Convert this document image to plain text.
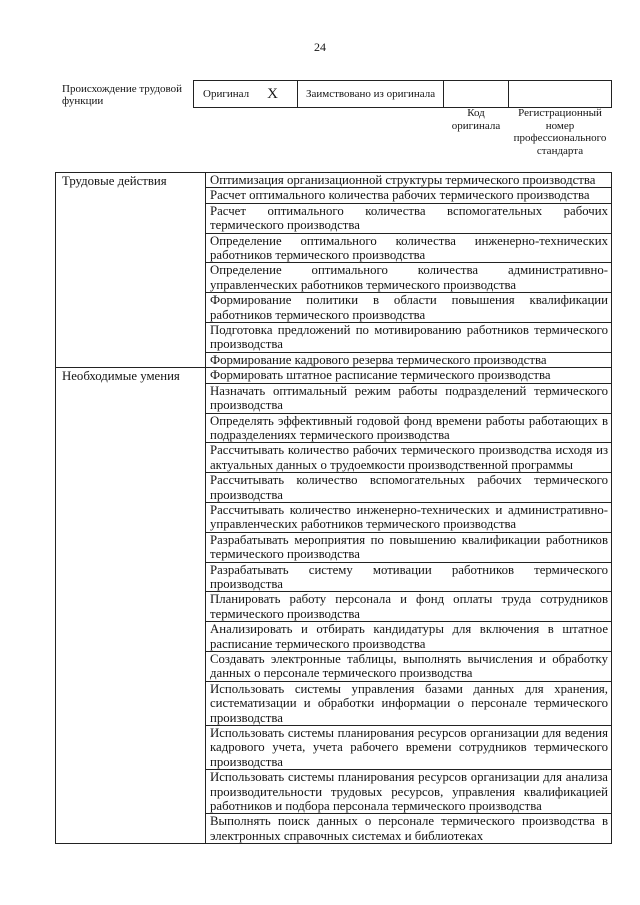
24
Происхождение трудовой функции
Оригинал X	Заимствовано из оригинала
Код оригинала
Регистрационный номер профессионального стандарта
Трудовые действия	Оптимизация организационной структуры термического производства
Расчет оптимального количества рабочих термического производства
Расчет оптимального количества вспомогательных рабочих термического производства
Определение оптимального количества инженерно-технических работников термического производства
Определение оптимального количества административно-управленческих работников термического производства
Формирование политики в области повышения квалификации работников термического производства
Подготовка предложений по мотивированию работников термического производства
Формирование кадрового резерва термического производства
Необходимые умения	Формировать штатное расписание термического производства
Назначать оптимальный режим работы подразделений термического производства
Определять эффективный годовой фонд времени работы работающих в подразделениях термического производства
Рассчитывать количество рабочих термического производства исходя из актуальных данных о трудоемкости производственной программы
Рассчитывать количество вспомогательных рабочих термического производства
Рассчитывать количество инженерно-технических и административно-управленческих работников термического производства
Разрабатывать мероприятия по повышению квалификации работников термического производства
Разрабатывать систему мотивации работников термического производства
Планировать работу персонала и фонд оплаты труда сотрудников термического производства
Анализировать и отбирать кандидатуры для включения в штатное расписание термического производства
Создавать электронные таблицы, выполнять вычисления и обработку данных о персонале термического производства
Использовать системы управления базами данных для хранения, систематизации и обработки информации о персонале термического производства
Использовать системы планирования ресурсов организации для ведения кадрового учета, учета рабочего времени сотрудников термического производства
Использовать системы планирования ресурсов организации для анализа производительности трудовых ресурсов, управления квалификацией работников и подбора персонала термического производства
Выполнять поиск данных о персонале термического производства в электронных справочных системах и библиотеках
